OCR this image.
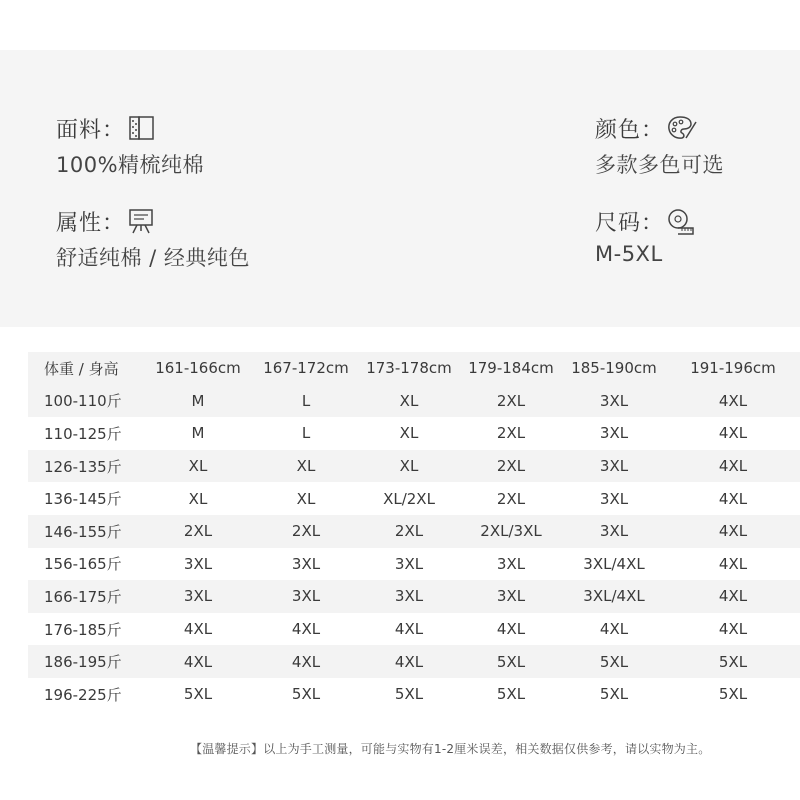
面料：
100%精梳纯棉
颜色：
多款多色可选
属性：
舒适纯棉 / 经典纯色
尺码：
M-5XL
体重 / 身高	161-166cm	167-172cm	173-178cm	179-184cm	185-190cm	191-196cm
100-110斤	M	L	XL	2XL	3XL	4XL
110-125斤	M	L	XL	2XL	3XL	4XL
126-135斤	XL	XL	XL	2XL	3XL	4XL
136-145斤	XL	XL	XL/2XL	2XL	3XL	4XL
146-155斤	2XL	2XL	2XL	2XL/3XL	3XL	4XL
156-165斤	3XL	3XL	3XL	3XL	3XL/4XL	4XL
166-175斤	3XL	3XL	3XL	3XL	3XL/4XL	4XL
176-185斤	4XL	4XL	4XL	4XL	4XL	4XL
186-195斤	4XL	4XL	4XL	5XL	5XL	5XL
196-225斤	5XL	5XL	5XL	5XL	5XL	5XL
【温馨提示】以上为手工测量，可能与实物有1-2厘米误差，相关数据仅供参考，请以实物为主。
